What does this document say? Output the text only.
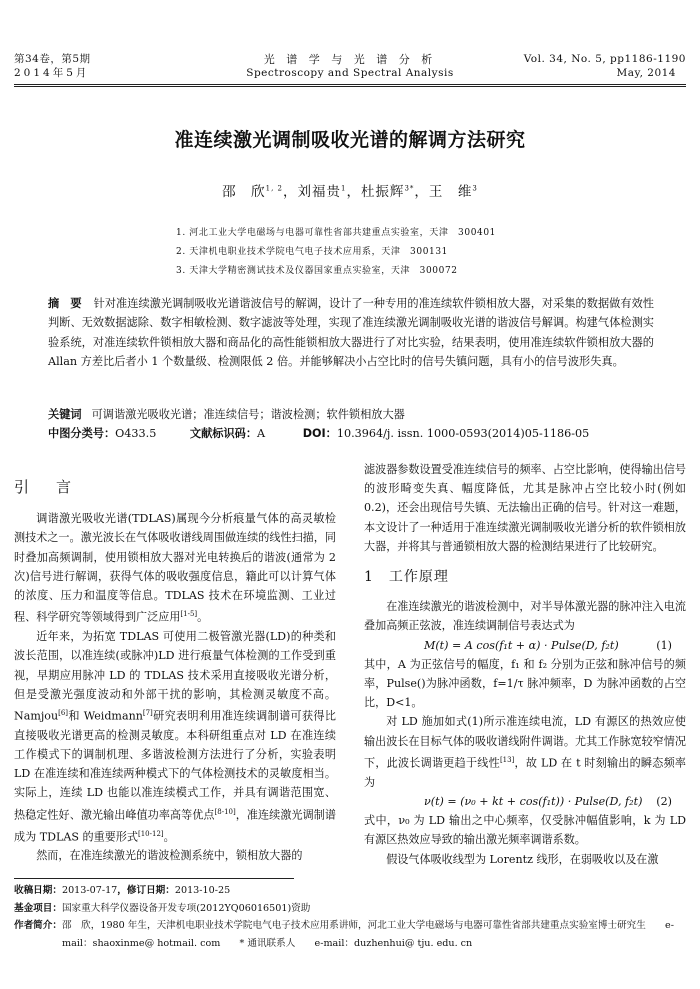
第34卷，第5期
2014年5月
光 谱 学 与 光 谱 分 析
Spectroscopy and Spectral Analysis
Vol. 34, No. 5, pp1186-1190
May, 2014
准连续激光调制吸收光谱的解调方法研究
邵　欣$^{1, 2}$，刘福贵$^1$，杜振辉$^{3*}$，王　维$^3$
1. 河北工业大学电磁场与电器可靠性省部共建重点实验室，天津　300401
2. 天津机电职业技术学院电气电子技术应用系，天津　300131
3. 天津大学精密测试技术及仪器国家重点实验室，天津　300072
摘　要 针对准连续激光调制吸收光谱谐波信号的解调，设计了一种专用的准连续软件锁相放大器，对采集的数据做有效性判断、无效数据滤除、数字相敏检测、数字滤波等处理，实现了准连续激光调制吸收光谱的谐波信号解调。构建气体检测实验系统，对准连续软件锁相放大器和商品化的高性能锁相放大器进行了对比实验，结果表明，使用准连续软件锁相放大器的 Allan 方差比后者小 1 个数量级、检测限低 2 倍。并能够解决小占空比时的信号失镇问题，具有小的信号波形失真。
关键词 可调谐激光吸收光谱；准连续信号；谐波检测；软件锁相放大器
中图分类号：O433.5	文献标识码：A	DOI：10.3964/j. issn. 1000-0593(2014)05-1186-05
引　言

调谐激光吸收光谱(TDLAS)属现今分析痕量气体的高灵敏检测技术之一。激光波长在气体吸收谱线周围做连续的线性扫描，同时叠加高频调制，使用锁相放大器对光电转换后的谐波(通常为 2 次)信号进行解调，获得气体的吸收强度信息，籍此可以计算气体的浓度、压力和温度等信息。TDLAS 技术在环境监测、工业过程、科学研究等领域得到广泛应用[1-5]。

近年来，为拓宽 TDLAS 可使用二极管激光器(LD)的种类和波长范围，以准连续(或脉冲)LD 进行痕量气体检测的工作受到重视，早期应用脉冲 LD 的 TDLAS 技术采用直接吸收光谱分析，但是受激光强度波动和外部干扰的影响，其检测灵敏度不高。Namjou[6]和 Weidmann[7]研究表明利用准连续调制谱可获得比直接吸收光谱更高的检测灵敏度。本科研组重点对 LD 在准连续工作模式下的调制机理、多谐波检测方法进行了分析，实验表明 LD 在准连续和准连续两种模式下的气体检测技术的灵敏度相当。实际上，连续 LD 也能以准连续模式工作，并具有调谐范围宽、热稳定性好、激光输出峰值功率高等优点[8-10]，准连续激光调制谱成为 TDLAS 的重要形式[10-12]。

然而，在准连续激光的谐波检测系统中，锁相放大器的

滤波器参数设置受准连续信号的频率、占空比影响，使得输出信号的波形畸变失真、幅度降低，尤其是脉冲占空比较小时(例如 0.2)，还会出现信号失镇、无法输出正确的信号。针对这一难题，本文设计了一种适用于准连续激光调制吸收光谱分析的软件锁相放大器，并将其与普通锁相放大器的检测结果进行了比较研究。

1　工作原理

在准连续激光的谐波检测中，对半导体激光器的脉冲注入电流叠加高频正弦波，准连续调制信号表达式为

M(t) = A cos(f₁t + α) · Pulse(D, f₂t)	(1)

其中，A 为正弦信号的幅度，f₁ 和 f₂ 分别为正弦和脉冲信号的频率，Pulse()为脉冲函数，f=1/τ 脉冲频率，D 为脉冲函数的占空比，D<1。

对 LD 施加如式(1)所示准连续电流，LD 有源区的热效应使输出波长在目标气体的吸收谱线附件调谐。尤其工作脉宽较窄情况下，此波长调谐更趋于线性[13]，故 LD 在 t 时刻输出的瞬态频率为

ν(t) = (ν₀ + kt + cos(f₁t)) · Pulse(D, f₂t) (2)

式中，ν₀ 为 LD 输出之中心频率，仅受脉冲幅值影响，k 为 LD 有源区热效应导致的输出激光频率调谐系数。

假设气体吸收线型为 Lorentz 线形，在弱吸收以及在激

收稿日期：2013-07-17，修订日期：2013-10-25
基金项目：国家重大科学仪器设备开发专项(2012YQ06016501)资助
作者简介：邵　欣，1980 年生，天津机电职业技术学院电气电子技术应用系讲师，河北工业大学电磁场与电器可靠性省部共建重点实验室博士研究生　　e-mail：shaoxinme@ hotmail. com　　* 通讯联系人　　e-mail：duzhenhui@ tju. edu. cn
